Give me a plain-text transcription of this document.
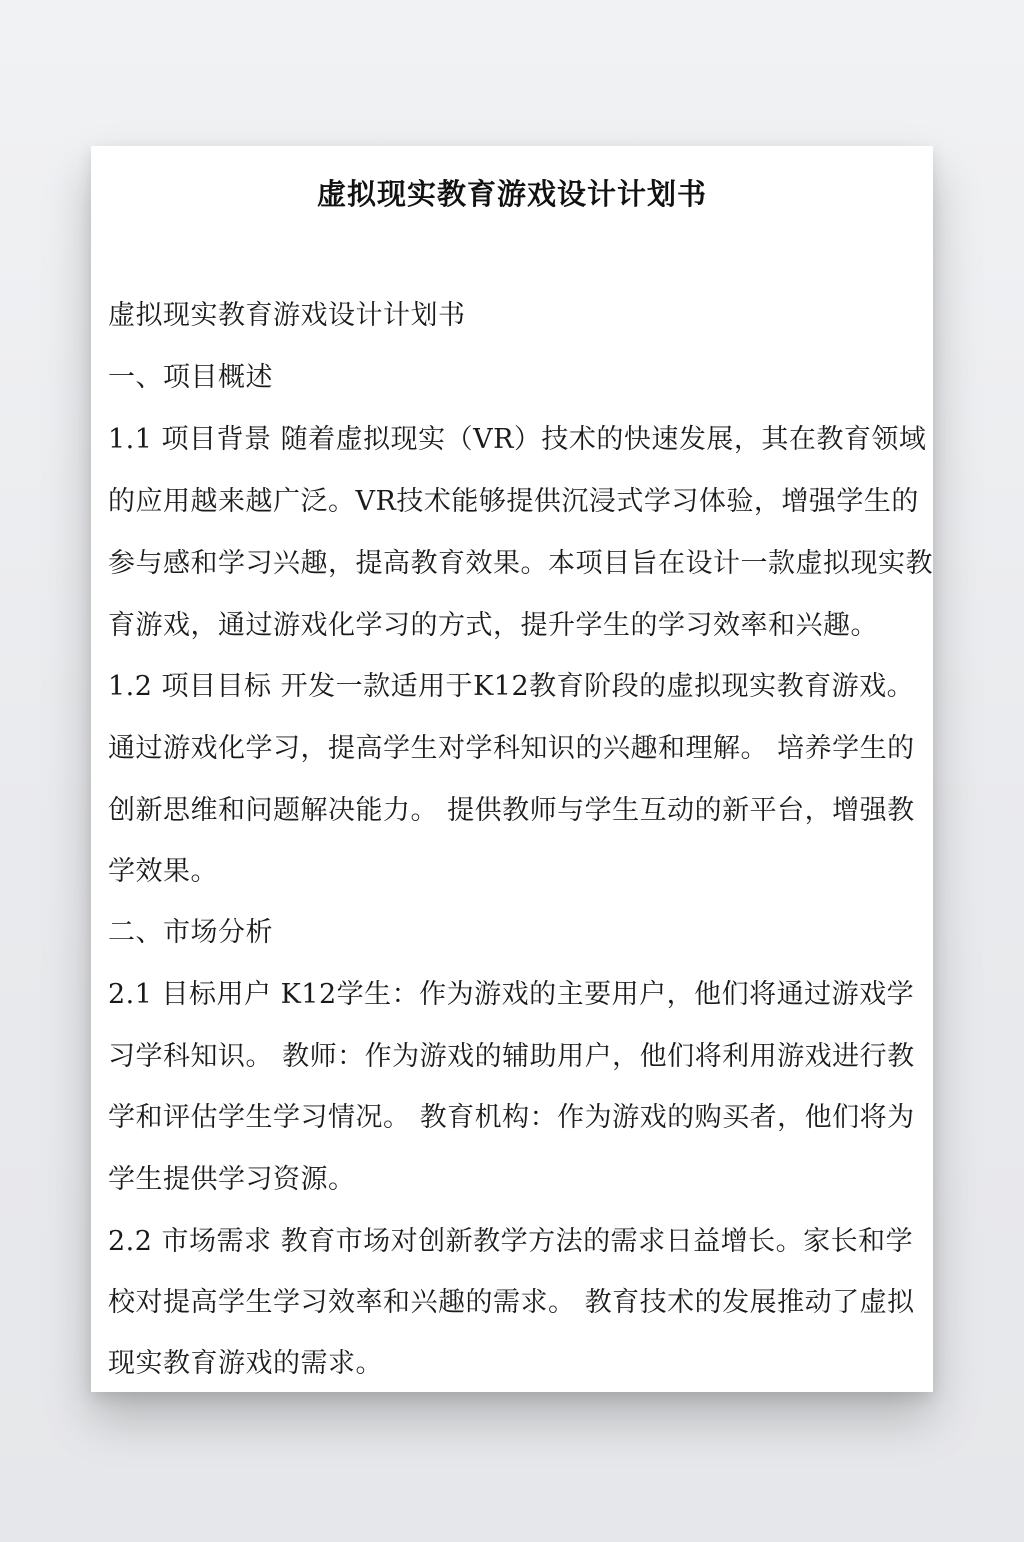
虚拟现实教育游戏设计计划书
虚拟现实教育游戏设计计划书
一、项目概述
1.1 项目背景 随着虚拟现实（VR）技术的快速发展，其在教育领域
的应用越来越广泛。VR技术能够提供沉浸式学习体验，增强学生的
参与感和学习兴趣，提高教育效果。本项目旨在设计一款虚拟现实教
育游戏，通过游戏化学习的方式，提升学生的学习效率和兴趣。
1.2 项目目标 开发一款适用于K12教育阶段的虚拟现实教育游戏。
通过游戏化学习，提高学生对学科知识的兴趣和理解。 培养学生的
创新思维和问题解决能力。 提供教师与学生互动的新平台，增强教
学效果。
二、市场分析
2.1 目标用户 K12学生：作为游戏的主要用户，他们将通过游戏学
习学科知识。 教师：作为游戏的辅助用户，他们将利用游戏进行教
学和评估学生学习情况。 教育机构：作为游戏的购买者，他们将为
学生提供学习资源。
2.2 市场需求 教育市场对创新教学方法的需求日益增长。家长和学
校对提高学生学习效率和兴趣的需求。 教育技术的发展推动了虚拟
现实教育游戏的需求。
